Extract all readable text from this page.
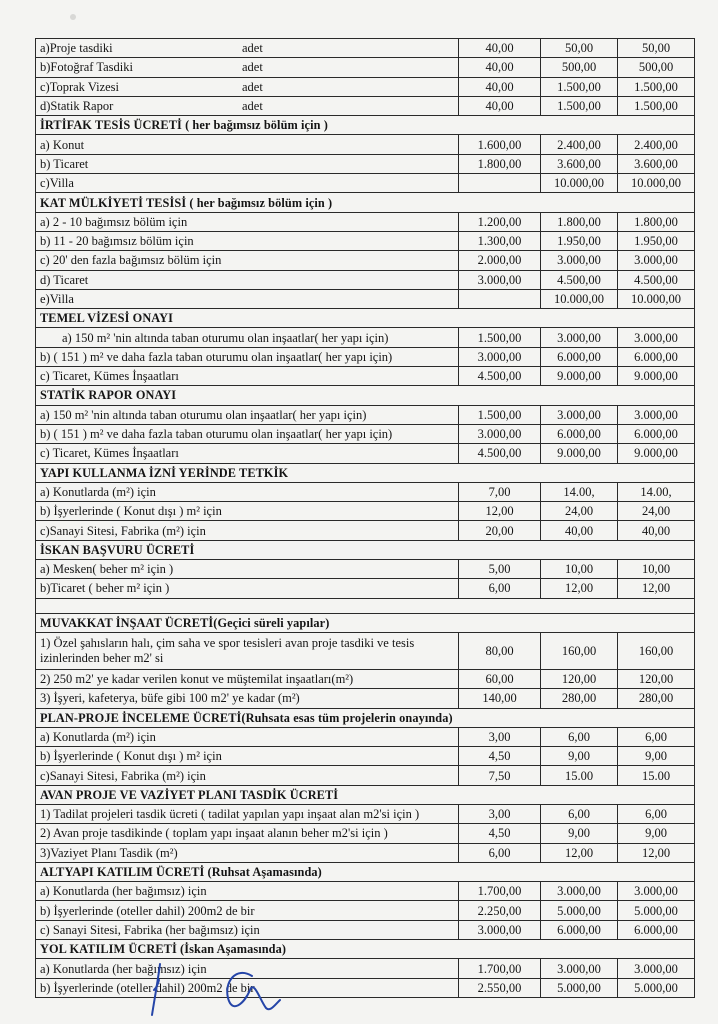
a)Proje tasdiki adet	40,00	50,00	50,00
b)Fotoğraf Tasdiki adet	40,00	500,00	500,00
c)Toprak Vizesi adet	40,00	1.500,00	1.500,00
d)Statik Rapor adet	40,00	1.500,00	1.500,00
İRTİFAK TESİS ÜCRETİ ( her bağımsız bölüm için )			
a) Konut	1.600,00	2.400,00	2.400,00
b) Ticaret	1.800,00	3.600,00	3.600,00
c)Villa		10.000,00	10.000,00
KAT MÜLKİYETİ TESİSİ ( her bağımsız bölüm için )			
a) 2 - 10 bağımsız bölüm için	1.200,00	1.800,00	1.800,00
b) 11 - 20 bağımsız bölüm için	1.300,00	1.950,00	1.950,00
c) 20' den fazla bağımsız bölüm için	2.000,00	3.000,00	3.000,00
d) Ticaret	3.000,00	4.500,00	4.500,00
e)Villa		10.000,00	10.000,00
TEMEL VİZESİ ONAYI			
a) 150 m² 'nin altında taban oturumu olan inşaatlar( her yapı için)	1.500,00	3.000,00	3.000,00
b) ( 151 ) m² ve daha fazla taban oturumu olan inşaatlar( her yapı için)	3.000,00	6.000,00	6.000,00
c) Ticaret, Kümes İnşaatları	4.500,00	9.000,00	9.000,00
STATİK RAPOR ONAYI			
a) 150 m² 'nin altında taban oturumu olan inşaatlar( her yapı için)	1.500,00	3.000,00	3.000,00
b) ( 151 ) m² ve daha fazla taban oturumu olan inşaatlar( her yapı için)	3.000,00	6.000,00	6.000,00
c) Ticaret, Kümes İnşaatları	4.500,00	9.000,00	9.000,00
YAPI KULLANMA İZNİ YERİNDE TETKİK			
a) Konutlarda (m²) için	7,00	14.00,	14.00,
b) İşyerlerinde ( Konut dışı ) m² için	12,00	24,00	24,00
c)Sanayi Sitesi, Fabrika (m²) için	20,00	40,00	40,00
İSKAN BAŞVURU ÜCRETİ			
a) Mesken( beher m² için )	5,00	10,00	10,00
b)Ticaret ( beher m² için )	6,00	12,00	12,00

MUVAKKAT İNŞAAT ÜCRETİ(Geçici süreli yapılar)			
1) Özel şahısların halı, çim saha ve spor tesisleri avan proje tasdiki ve tesis izinlerinden beher m2' si	80,00	160,00	160,00
2) 250 m2' ye kadar verilen konut ve müştemilat inşaatları(m²)	60,00	120,00	120,00
3) İşyeri, kafeterya, büfe gibi 100 m2' ye kadar (m²)	140,00	280,00	280,00
PLAN-PROJE İNCELEME ÜCRETİ(Ruhsata esas tüm projelerin onayında)			
a) Konutlarda (m²) için	3,00	6,00	6,00
b) İşyerlerinde ( Konut dışı ) m² için	4,50	9,00	9,00
c)Sanayi Sitesi, Fabrika (m²) için	7,50	15.00	15.00
AVAN PROJE VE VAZİYET PLANI TASDİK ÜCRETİ			
1) Tadilat projeleri tasdik ücreti ( tadilat yapılan yapı inşaat alan m2'si için )	3,00	6,00	6,00
2) Avan proje tasdikinde ( toplam yapı inşaat alanın beher m2'si için )	4,50	9,00	9,00
3)Vaziyet Planı Tasdik (m²)	6,00	12,00	12,00
ALTYAPI KATILIM ÜCRETİ (Ruhsat Aşamasında)			
a) Konutlarda (her bağımsız) için	1.700,00	3.000,00	3.000,00
b) İşyerlerinde (oteller dahil) 200m2 de bir	2.250,00	5.000,00	5.000,00
c) Sanayi Sitesi, Fabrika (her bağımsız) için	3.000,00	6.000,00	6.000,00
YOL KATILIM ÜCRETİ (İskan Aşamasında)			
a) Konutlarda (her bağımsız) için	1.700,00	3.000,00	3.000,00
b) İşyerlerinde (oteller dahil) 200m2 de bir	2.550,00	5.000,00	5.000,00
